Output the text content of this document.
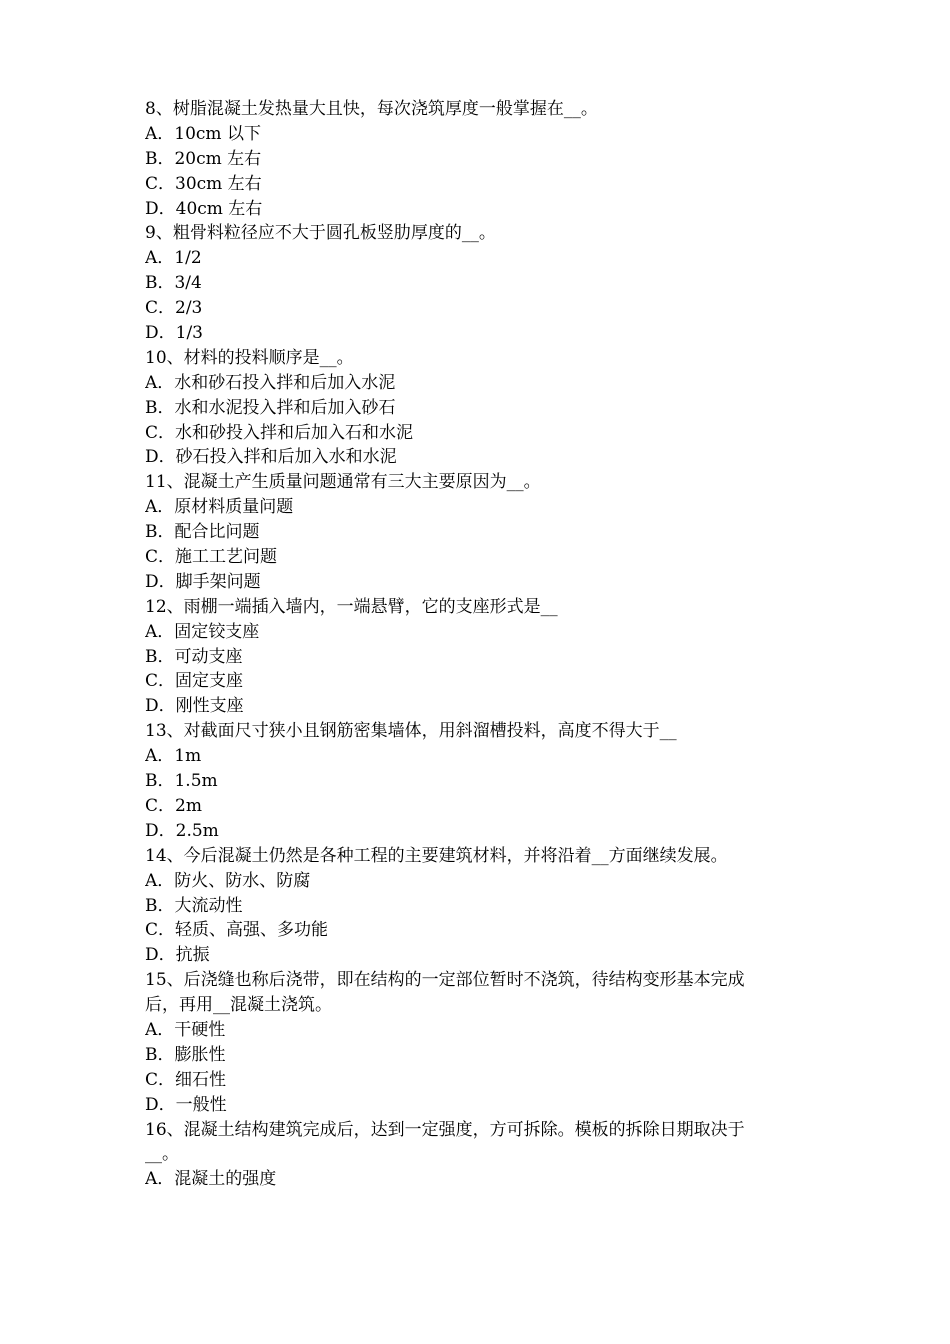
8、树脂混凝土发热量大且快，每次浇筑厚度一般掌握在__。
A．10cm 以下
B．20cm 左右
C．30cm 左右
D．40cm 左右
9、粗骨料粒径应不大于圆孔板竖肋厚度的__。
A．1/2
B．3/4
C．2/3
D．1/3
10、材料的投料顺序是__。
A．水和砂石投入拌和后加入水泥
B．水和水泥投入拌和后加入砂石
C．水和砂投入拌和后加入石和水泥
D．砂石投入拌和后加入水和水泥
11、混凝土产生质量问题通常有三大主要原因为__。
A．原材料质量问题
B．配合比问题
C．施工工艺问题
D．脚手架问题
12、雨棚一端插入墙内，一端悬臂，它的支座形式是__
A．固定铰支座
B．可动支座
C．固定支座
D．刚性支座
13、对截面尺寸狭小且钢筋密集墙体，用斜溜槽投料，高度不得大于__
A．1m
B．1.5m
C．2m
D．2.5m
14、今后混凝土仍然是各种工程的主要建筑材料，并将沿着__方面继续发展。
A．防火、防水、防腐
B．大流动性
C．轻质、高强、多功能
D．抗振
15、后浇缝也称后浇带，即在结构的一定部位暂时不浇筑，待结构变形基本完成
后，再用__混凝土浇筑。
A．干硬性
B．膨胀性
C．细石性
D．一般性
16、混凝土结构建筑完成后，达到一定强度，方可拆除。模板的拆除日期取决于
__。
A．混凝土的强度
